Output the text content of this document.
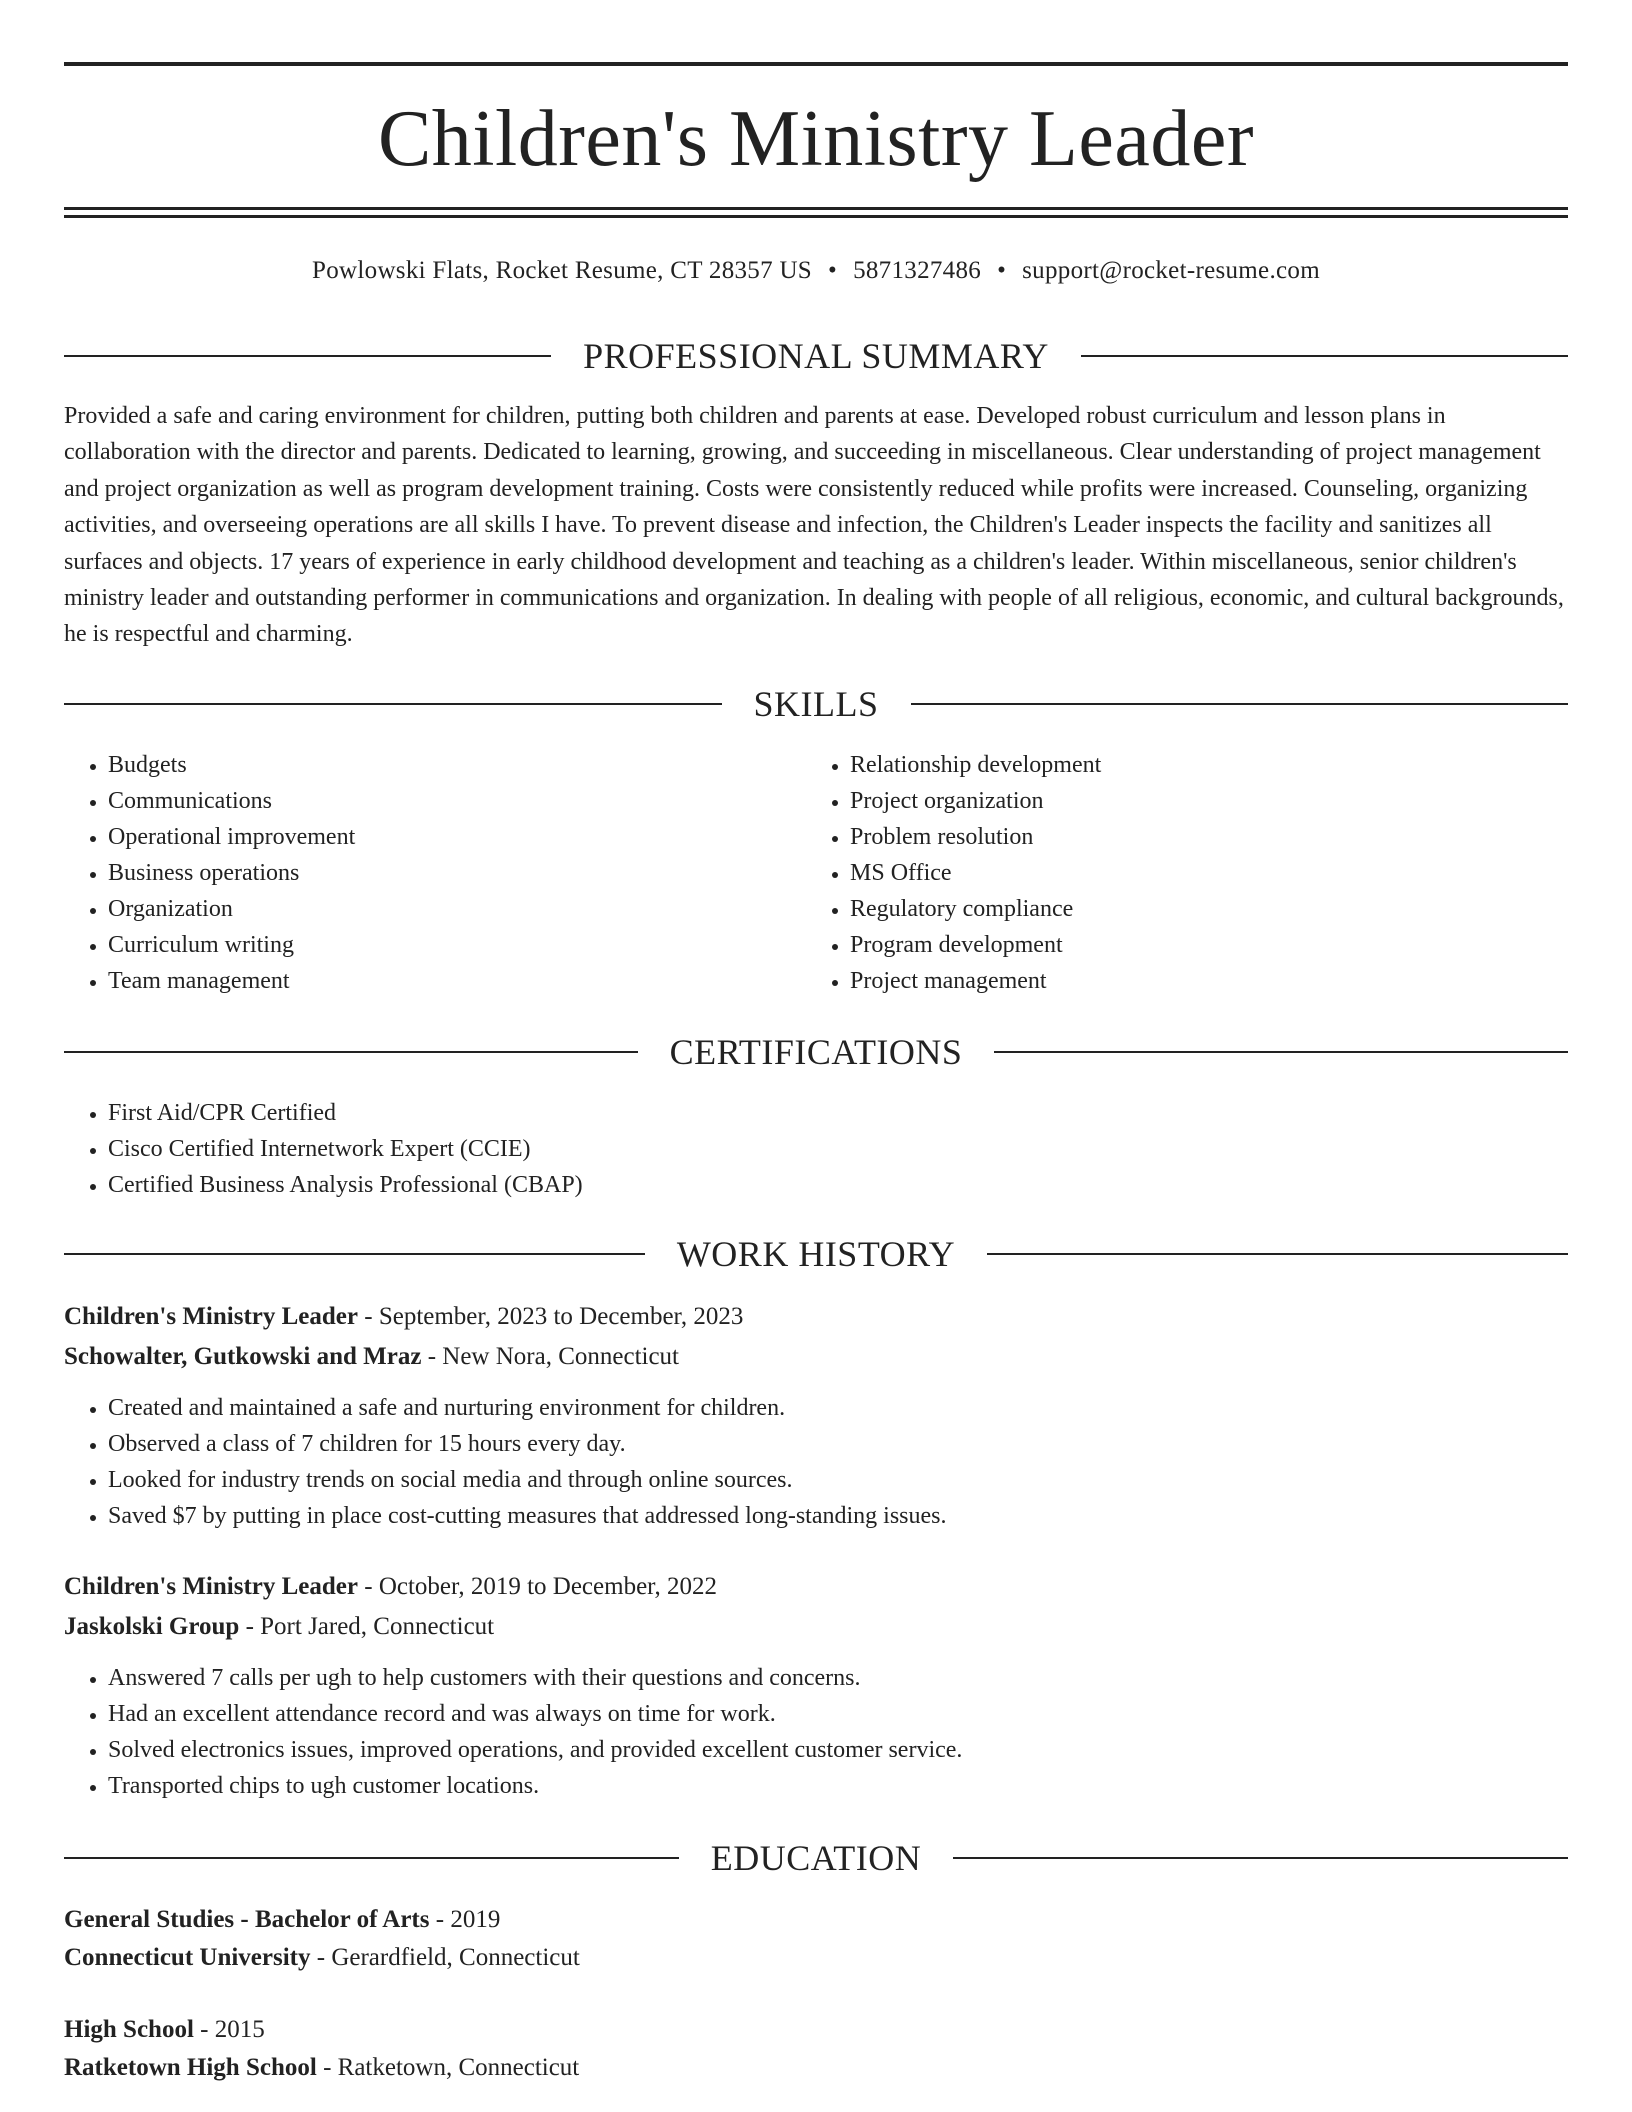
Children's Ministry Leader
Powlowski Flats, Rocket Resume, CT 28357 US • 5871327486 • support@rocket-resume.com
PROFESSIONAL SUMMARY

Provided a safe and caring environment for children, putting both children and parents at ease. Developed robust curriculum and lesson plans in collaboration with the director and parents. Dedicated to learning, growing, and succeeding in miscellaneous. Clear understanding of project management and project organization as well as program development training. Costs were consistently reduced while profits were increased. Counseling, organizing activities, and overseeing operations are all skills I have. To prevent disease and infection, the Children's Leader inspects the facility and sanitizes all surfaces and objects. 17 years of experience in early childhood development and teaching as a children's leader. Within miscellaneous, senior children's ministry leader and outstanding performer in communications and organization. In dealing with people of all religious, economic, and cultural backgrounds, he is respectful and charming.

SKILLS
• Budgets
• Communications
• Operational improvement
• Business operations
• Organization
• Curriculum writing
• Team management
• Relationship development
• Project organization
• Problem resolution
• MS Office
• Regulatory compliance
• Program development
• Project management
CERTIFICATIONS
• First Aid/CPR Certified
• Cisco Certified Internetwork Expert (CCIE)
• Certified Business Analysis Professional (CBAP)
WORK HISTORY
Children's Ministry Leader - September, 2023 to December, 2023
Schowalter, Gutkowski and Mraz - New Nora, Connecticut
• Created and maintained a safe and nurturing environment for children.
• Observed a class of 7 children for 15 hours every day.
• Looked for industry trends on social media and through online sources.
• Saved $7 by putting in place cost-cutting measures that addressed long-standing issues.
Children's Ministry Leader - October, 2019 to December, 2022
Jaskolski Group - Port Jared, Connecticut
• Answered 7 calls per ugh to help customers with their questions and concerns.
• Had an excellent attendance record and was always on time for work.
• Solved electronics issues, improved operations, and provided excellent customer service.
• Transported chips to ugh customer locations.
EDUCATION
General Studies - Bachelor of Arts - 2019
Connecticut University - Gerardfield, Connecticut
High School - 2015
Ratketown High School - Ratketown, Connecticut
